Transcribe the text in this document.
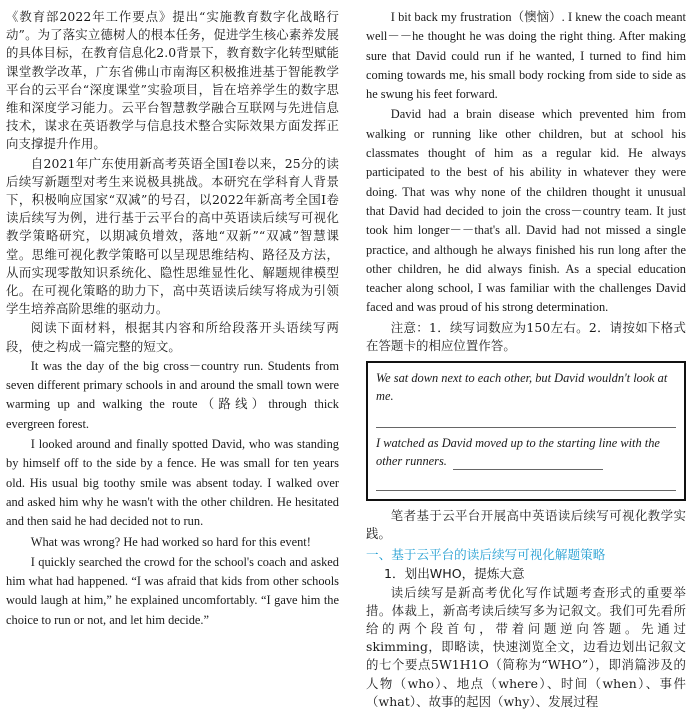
《教育部2022年工作要点》提出“实施教育数字化战略行动”。为了落实立德树人的根本任务，促进学生核心素养发展的具体目标，在教育信息化2.0背景下，教育数字化转型赋能课堂教学改革，广东省佛山市南海区积极推进基于智能教学平台的云平台“深度课堂”实验项目，旨在培养学生的数字思维和深度学习能力。云平台智慧教学融合互联网与先进信息技术，谋求在英语教学与信息技术整合实际效果方面发挥正向支撑提升作用。

自2021年广东使用新高考英语全国Ⅰ卷以来，25分的读后续写新题型对考生来说极具挑战。本研究在学科育人背景下，积极响应国家“双减”的号召，以2022年新高考全国Ⅰ卷读后续写为例，进行基于云平台的高中英语读后续写可视化教学策略研究，以期减负增效，落地“双新”“双减”智慧课堂。思维可视化教学策略可以呈现思维结构、路径及方法，从而实现零散知识系统化、隐性思维显性化、解题规律模型化。在可视化策略的助力下，高中英语读后续写将成为引领学生培养高阶思维的驱动力。

阅读下面材料，根据其内容和所给段落开头语续写两段，使之构成一篇完整的短文。

It was the day of the big cross－country run. Students from seven different primary schools in and around the small town were warming up and walking the route（路线）through thick evergreen forest.

I looked around and finally spotted David, who was standing by himself off to the side by a fence. He was small for ten years old. His usual big toothy smile was absent today. I walked over and asked him why he wasn't with the other children. He hesitated and then said he had decided not to run.

What was wrong? He had worked so hard for this event!

I quickly searched the crowd for the school's coach and asked him what had happened. “I was afraid that kids from other schools would laugh at him,” he explained uncomfortably. “I gave him the choice to run or not, and let him decide.”

I bit back my frustration（懊恼）. I knew the coach meant well－－he thought he was doing the right thing. After making sure that David could run if he wanted, I turned to find him coming towards me, his small body rocking from side to side as he swung his feet forward.

David had a brain disease which prevented him from walking or running like other children, but at school his classmates thought of him as a regular kid. He always participated to the best of his ability in whatever they were doing. That was why none of the children thought it unusual that David had decided to join the cross－country team. It just took him longer－－that's all. David had not missed a single practice, and although he always finished his run long after the other children, he did always finish. As a special education teacher along school, I was familiar with the challenges David faced and was proud of his strong determination.

注意：1．续写词数应为150左右。2．请按如下格式在答题卡的相应位置作答。

We sat down next to each other, but David wouldn't look at me.
I watched as David moved up to the starting line with the other runners.

笔者基于云平台开展高中英语读后续写可视化教学实践。

一、基于云平台的读后续写可视化解题策略
1．划出WHO，提炼大意

读后续写是新高考优化写作试题考查形式的重要举措。体裁上，新高考读后续写多为记叙文。我们可先看所给的两个段首句，带着问题逆向答题。先通过skimming，即略读，快速浏览全文，边看边划出记叙文的七个要点5W1H1O（简称为“WHO”），即消篇涉及的人物（who）、地点（where）、时间（when）、事件（what）、故事的起因（why）、发展过程
